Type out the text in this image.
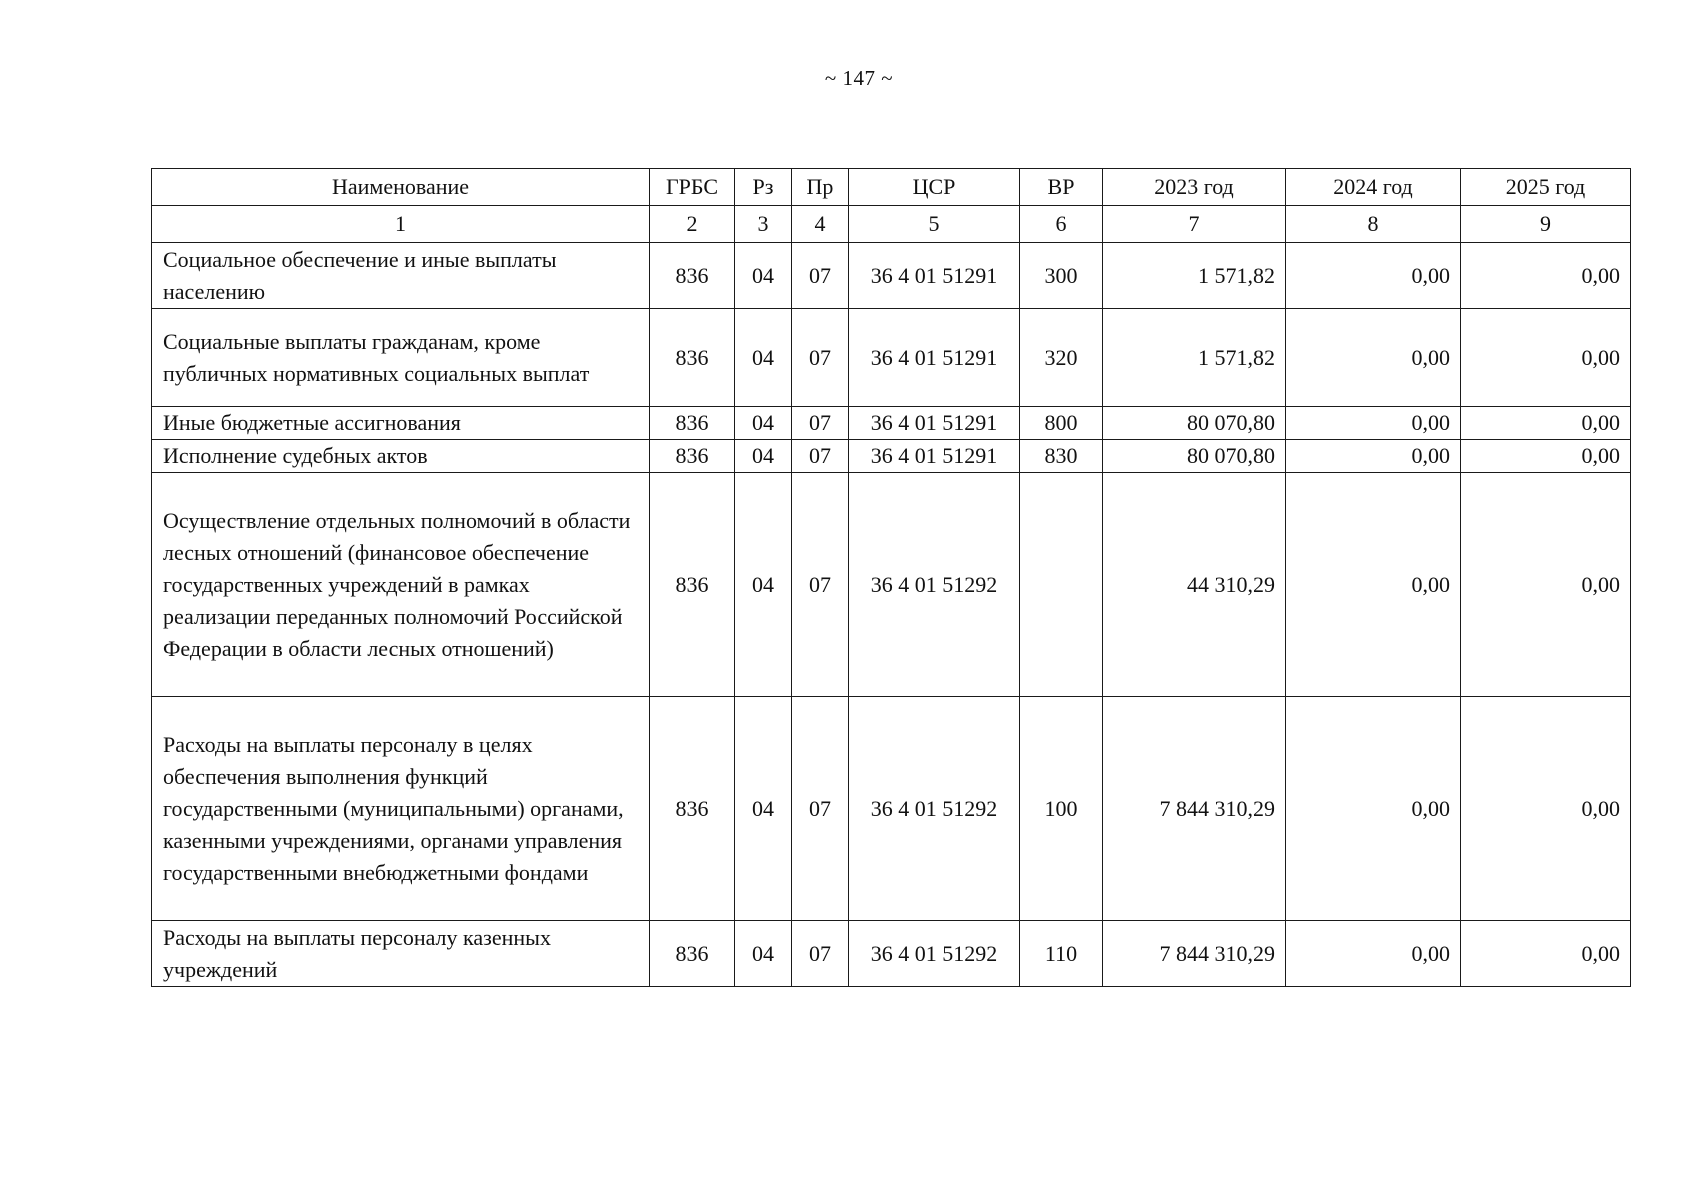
~ 147 ~
Наименование	ГРБС	Рз	Пр	ЦСР	ВР	2023 год	2024 год	2025 год
1	2	3	4	5	6	7	8	9
Социальное обеспечение и иные выплаты населению	836	04	07	36 4 01 51291	300	1 571,82	0,00	0,00
Социальные выплаты гражданам, кроме публичных нормативных социальных выплат	836	04	07	36 4 01 51291	320	1 571,82	0,00	0,00
Иные бюджетные ассигнования	836	04	07	36 4 01 51291	800	80 070,80	0,00	0,00
Исполнение судебных актов	836	04	07	36 4 01 51291	830	80 070,80	0,00	0,00
Осуществление отдельных полномочий в области лесных отношений (финансовое обеспечение государственных учреждений в рамках реализации переданных полномочий Российской Федерации в области лесных отношений)	836	04	07	36 4 01 51292		44 310,29	0,00	0,00
Расходы на выплаты персоналу в целях обеспечения выполнения функций государственными (муниципальными) органами, казенными учреждениями, органами управления государственными внебюджетными фондами	836	04	07	36 4 01 51292	100	7 844 310,29	0,00	0,00
Расходы на выплаты персоналу казенных учреждений	836	04	07	36 4 01 51292	110	7 844 310,29	0,00	0,00
